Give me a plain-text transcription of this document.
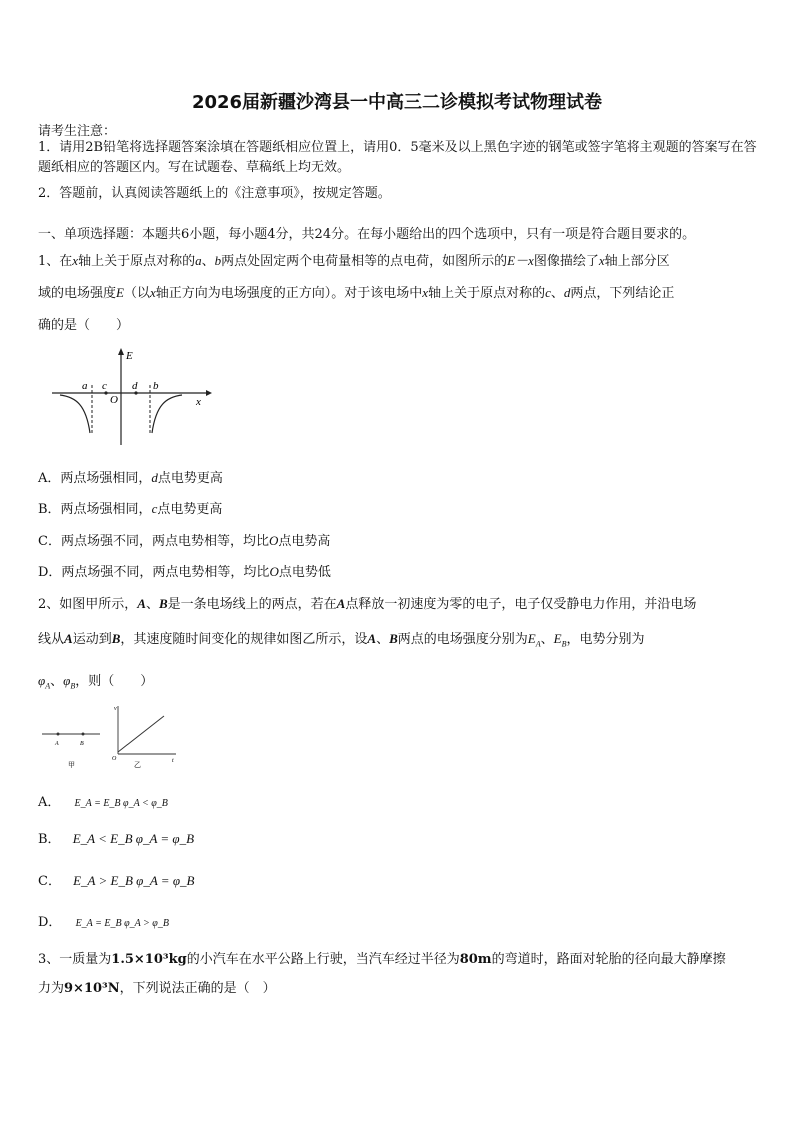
2026届新疆沙湾县一中高三二诊模拟考试物理试卷
请考生注意：
1．请用2B铅笔将选择题答案涂填在答题纸相应位置上，请用0．5毫米及以上黑色字迹的钢笔或签字笔将主观题的答案写在答题纸相应的答题区内。写在试题卷、草稿纸上均无效。
2．答题前，认真阅读答题纸上的《注意事项》，按规定答题。
一、单项选择题：本题共6小题，每小题4分，共24分。在每小题给出的四个选项中，只有一项是符合题目要求的。
1、在x轴上关于原点对称的a、b两点处固定两个电荷量相等的点电荷，如图所示的E－x图像描绘了x轴上部分区
域的电场强度E（以x轴正方向为电场强度的正方向）。对于该电场中x轴上关于原点对称的c、d两点，下列结论正
确的是（　　）
E
x
O
a	b
c d
A．两点场强相同，d点电势更高
B．两点场强相同，c点电势更高
C．两点场强不同，两点电势相等，均比O点电势高
D．两点场强不同，两点电势相等，均比O点电势低
2、如图甲所示，A、B是一条电场线上的两点，若在A点释放一初速度为零的电子，电子仅受静电力作用，并沿电场
线从A运动到B，其速度随时间变化的规律如图乙所示，设A、B两点的电场强度分别为$E_A$、$E_B$，电势分别为
$\varphi_A$、$\varphi_B$，则（　　）
A	B
甲
v
O	t
乙
A． E_A = E_B φ_A < φ_B
B． E_A < E_B φ_A = φ_B
C． E_A > E_B φ_A = φ_B
D． E_A = E_B φ_A > φ_B
3、一质量为1.5×10³kg的小汽车在水平公路上行驶，当汽车经过半径为80m的弯道时，路面对轮胎的径向最大静摩擦
力为9×10³N，下列说法正确的是（　）
